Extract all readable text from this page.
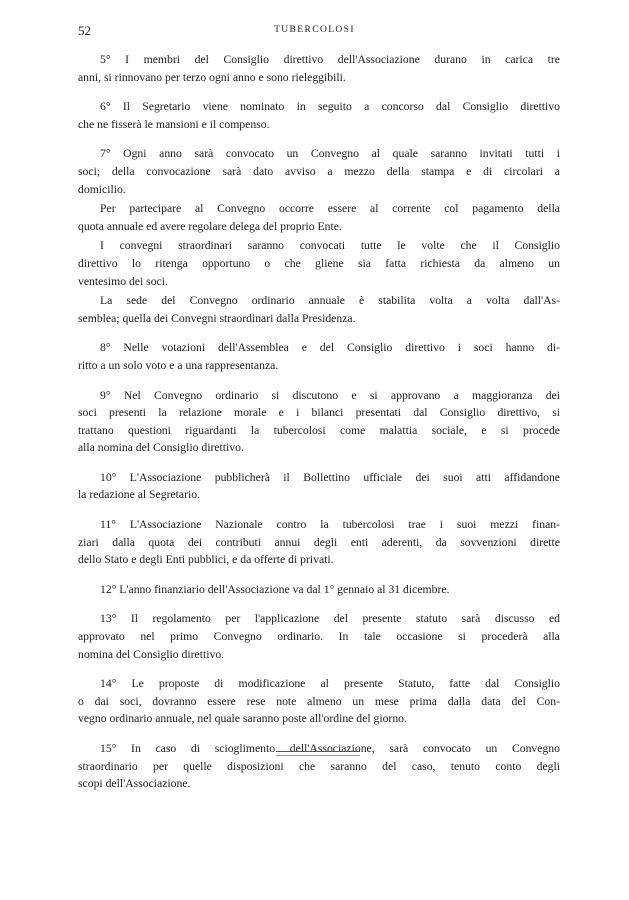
52	TUBERCOLOSI
5° I membri del Consiglio direttivo dell'Associazione durano in carica tre
anni, si rinnovano per terzo ogni anno e sono rieleggibili.
6° Il Segretario viene nominato in seguito a concorso dal Consiglio direttivo
che ne fisserà le mansioni e il compenso.
7° Ogni anno sarà convocato un Convegno al quale saranno invitati tutti i
soci; della convocazione sarà dato avviso a mezzo della stampa e di circolari a
domicilio.
Per partecipare al Convegno occorre essere al corrente col pagamento della
quota annuale ed avere regolare delega del proprio Ente.
I convegni straordinari saranno convocati tutte le volte che il Consiglio
direttivo lo ritenga opportuno o che gliene sia fatta richiesta da almeno un
ventesimo dei soci.
La sede del Convegno ordinario annuale è stabilita volta a volta dall'As-
semblea; quella dei Convegni straordinari dalla Presidenza.
8° Nelle votazioni dell'Assemblea e del Consiglio direttivo i soci hanno di-
ritto a un solo voto e a una rappresentanza.
9° Nel Convegno ordinario si discutono e si approvano a maggioranza dei
soci presenti la relazione morale e i bilanci presentati dal Consiglio direttivo, si
trattano questioni riguardanti la tubercolosi come malattia sociale, e si procede
alla nomina del Consiglio direttivo.
10° L'Associazione pubblicherà il Bollettino ufficiale dei suoi atti affidandone
la redazione al Segretario.
11° L'Associazione Nazionale contro la tubercolosi trae i suoi mezzi finan-
ziari dalla quota dei contributi annui degli enti aderenti, da sovvenzioni dirette
dello Stato e degli Enti pubblici, e da offerte di privati.
12° L'anno finanziario dell'Associazione va dal 1° gennaio al 31 dicembre.
13° Il regolamento per l'applicazione del presente statuto sarà discusso ed
approvato nel primo Convegno ordinario. In tale occasione si procederà alla
nomina del Consiglio direttivo.
14° Le proposte di modificazione al presente Statuto, fatte dal Consiglio
o dai soci, dovranno essere rese note almeno un mese prima dalla data del Con-
vegno ordinario annuale, nel quale saranno poste all'ordine del giorno.
15° In caso di scioglimento dell'Associazione, sarà convocato un Convegno
straordinario per quelle disposizioni che saranno del caso, tenuto conto degli
scopi dell'Associazione.
